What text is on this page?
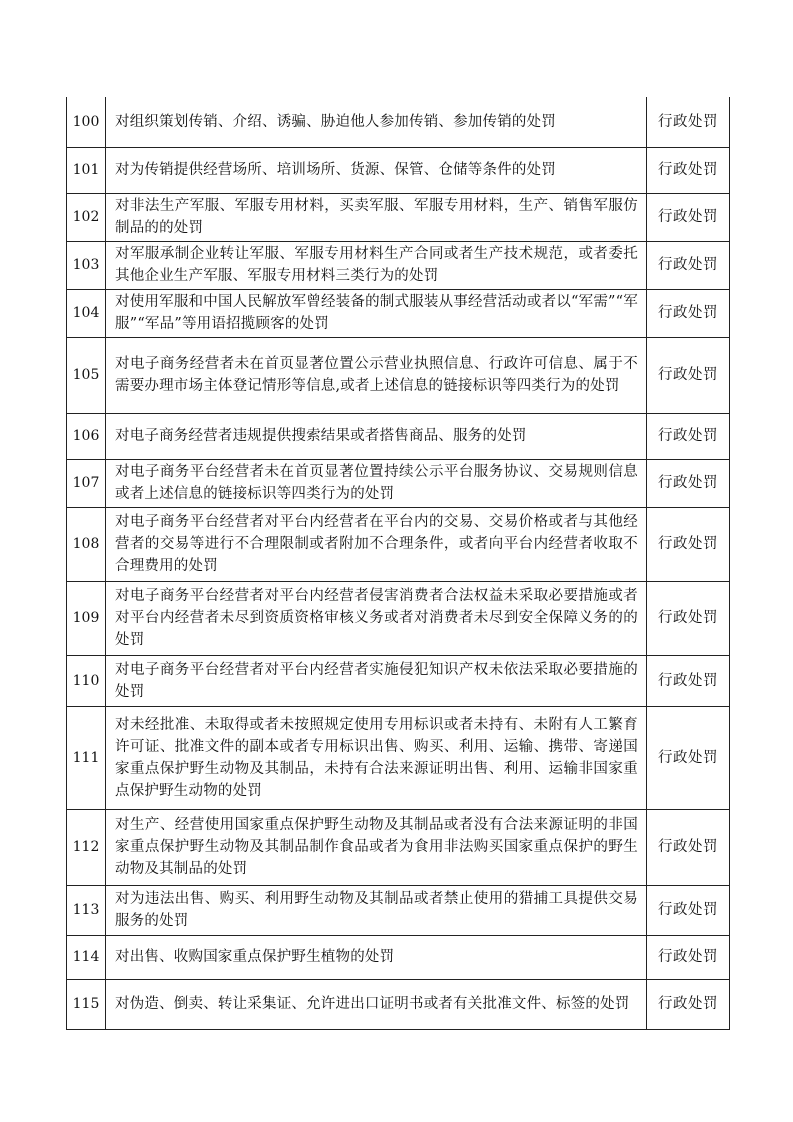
100	对组织策划传销、介绍、诱骗、胁迫他人参加传销、参加传销的处罚	行政处罚
101	对为传销提供经营场所、培训场所、货源、保管、仓储等条件的处罚	行政处罚
102	对非法生产军服、军服专用材料，买卖军服、军服专用材料，生产、销售军服仿制品的的处罚	行政处罚
103	对军服承制企业转让军服、军服专用材料生产合同或者生产技术规范，或者委托其他企业生产军服、军服专用材料三类行为的处罚	行政处罚
104	对使用军服和中国人民解放军曾经装备的制式服装从事经营活动或者以“军需”“军服”“军品”等用语招揽顾客的处罚	行政处罚
105	对电子商务经营者未在首页显著位置公示营业执照信息、行政许可信息、属于不需要办理市场主体登记情形等信息,或者上述信息的链接标识等四类行为的处罚	行政处罚
106	对电子商务经营者违规提供搜索结果或者搭售商品、服务的处罚	行政处罚
107	对电子商务平台经营者未在首页显著位置持续公示平台服务协议、交易规则信息或者上述信息的链接标识等四类行为的处罚	行政处罚
108	对电子商务平台经营者对平台内经营者在平台内的交易、交易价格或者与其他经营者的交易等进行不合理限制或者附加不合理条件，或者向平台内经营者收取不合理费用的处罚	行政处罚
109	对电子商务平台经营者对平台内经营者侵害消费者合法权益未采取必要措施或者对平台内经营者未尽到资质资格审核义务或者对消费者未尽到安全保障义务的的处罚	行政处罚
110	对电子商务平台经营者对平台内经营者实施侵犯知识产权未依法采取必要措施的处罚	行政处罚
111	对未经批准、未取得或者未按照规定使用专用标识或者未持有、未附有人工繁育许可证、批准文件的副本或者专用标识出售、购买、利用、运输、携带、寄递国家重点保护野生动物及其制品，未持有合法来源证明出售、利用、运输非国家重点保护野生动物的处罚	行政处罚
112	对生产、经营使用国家重点保护野生动物及其制品或者没有合法来源证明的非国家重点保护野生动物及其制品制作食品或者为食用非法购买国家重点保护的野生动物及其制品的处罚	行政处罚
113	对为违法出售、购买、利用野生动物及其制品或者禁止使用的猎捕工具提供交易服务的处罚	行政处罚
114	对出售、收购国家重点保护野生植物的处罚	行政处罚
115	对伪造、倒卖、转让采集证、允许进出口证明书或者有关批准文件、标签的处罚	行政处罚
